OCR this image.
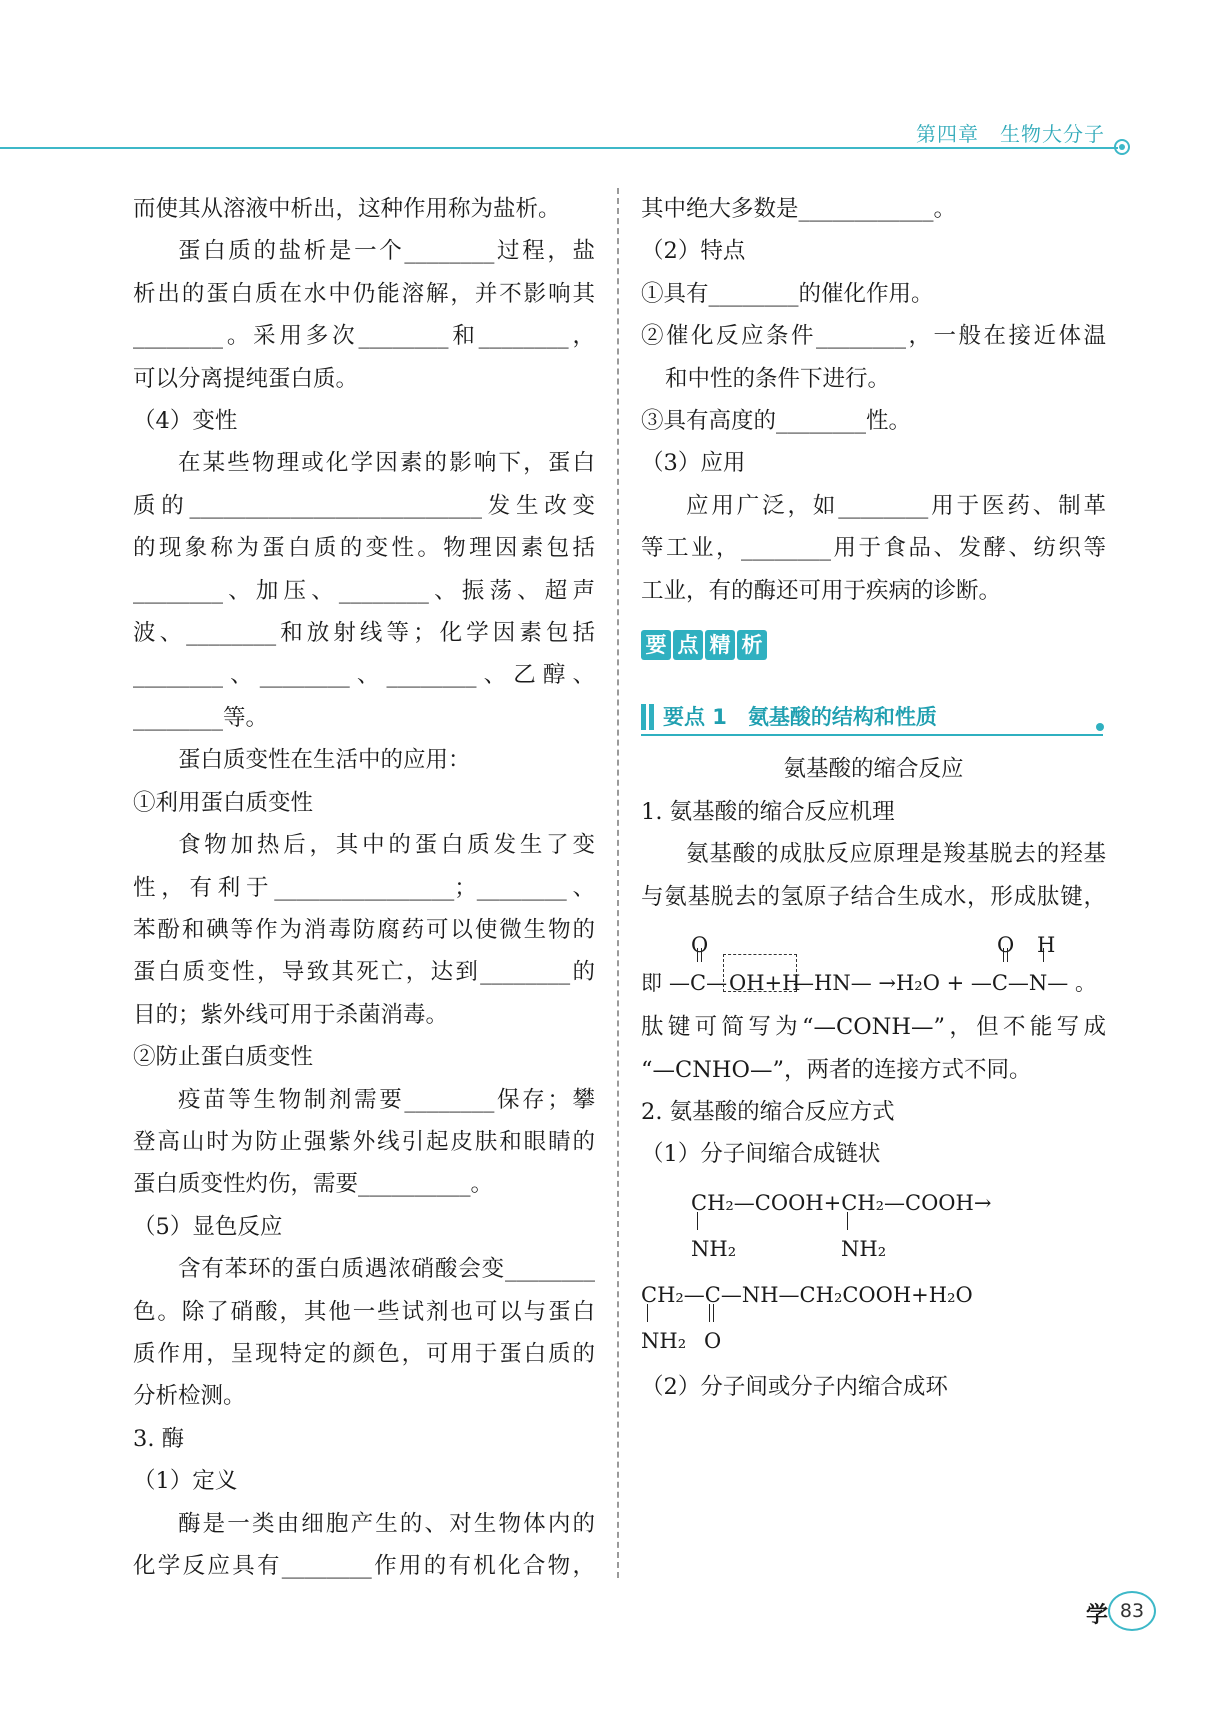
第四章　生物大分子

而使其从溶液中析出，这种作用称为盐析。

蛋白质的盐析是一个________过程，盐

析出的蛋白质在水中仍能溶解，并不影响其

________。采用多次________和________，

可以分离提纯蛋白质。

（4）变性

在某些物理或化学因素的影响下，蛋白

质的__________________________发生改变

的现象称为蛋白质的变性。物理因素包括

________、加压、________、振荡、超声

波、________和放射线等；化学因素包括

________、________、________、乙醇、

________等。

蛋白质变性在生活中的应用：

①利用蛋白质变性

食物加热后，其中的蛋白质发生了变

性，有利于________________；________、

苯酚和碘等作为消毒防腐药可以使微生物的

蛋白质变性，导致其死亡，达到________的

目的；紫外线可用于杀菌消毒。

②防止蛋白质变性

疫苗等生物制剂需要________保存；攀

登高山时为防止强紫外线引起皮肤和眼睛的

蛋白质变性灼伤，需要__________。

（5）显色反应

含有苯环的蛋白质遇浓硝酸会变________

色。除了硝酸，其他一些试剂也可以与蛋白

质作用，呈现特定的颜色，可用于蛋白质的

分析检测。

3. 酶

（1）定义

酶是一类由细胞产生的、对生物体内的

化学反应具有________作用的有机化合物，

其中绝大多数是____________。

（2）特点

①具有________的催化作用。

②催化反应条件________，一般在接近体温

和中性的条件下进行。

③具有高度的________性。

（3）应用

应用广泛，如________用于医药、制革

等工业，________用于食品、发酵、纺织等

工业，有的酶还可用于疾病的诊断。

要 点 精 析
要点 1　氨基酸的结构和性质

氨基酸的缩合反应

1. 氨基酸的缩合反应机理

氨基酸的成肽反应原理是羧基脱去的羟基

与氨基脱去的氢原子结合生成水，形成肽键，

即
O
—C— OH+H
—HN— →H₂O + —C—N— 。
O H

肽键可简写为“—CONH—”，但不能写成

“—CNHO—”，两者的连接方式不同。

2. 氨基酸的缩合反应方式

（1）分子间缩合成链状

CH₂—COOH+CH₂—COOH→
NH₂	NH₂
CH₂—C—NH—CH₂COOH+H₂O
NH₂ O

（2）分子间或分子内缩合成环

学 83
